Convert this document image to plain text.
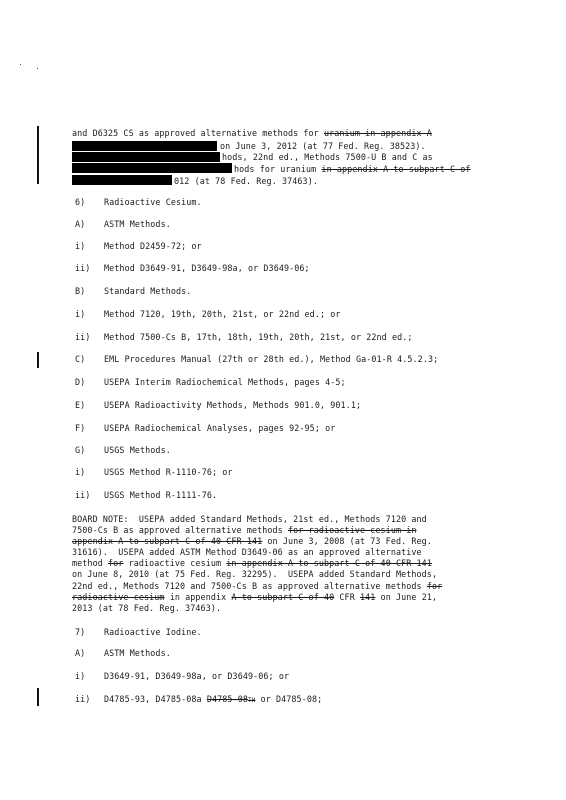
and D6325 CS as approved alternative methods for uranium in appendix A
on June 3, 2012 (at 77 Fed. Reg. 38523).
hods, 22nd ed., Methods 7500-U B and C as
hods for uranium in appendix A to subpart C of
012 (at 78 Fed. Reg. 37463).
6) Radioactive Cesium.
A) ASTM Methods.
i) Method D2459-72; or
ii) Method D3649-91, D3649-98a, or D3649-06;
B) Standard Methods.
i) Method 7120, 19th, 20th, 21st, or 22nd ed.; or
ii) Method 7500-Cs B, 17th, 18th, 19th, 20th, 21st, or 22nd ed.;
C) EML Procedures Manual (27th or 28th ed.), Method Ga-01-R 4.5.2.3;
D) USEPA Interim Radiochemical Methods, pages 4-5;
E) USEPA Radioactivity Methods, Methods 901.0, 901.1;
F) USEPA Radiochemical Analyses, pages 92-95; or
G) USGS Methods.
i) USGS Method R-1110-76; or
ii) USGS Method R-1111-76.
BOARD NOTE:  USEPA added Standard Methods, 21st ed., Methods 7120 and
7500-Cs B as approved alternative methods for radioactive cesium in
appendix A to subpart C of 40 CFR 141 on June 3, 2008 (at 73 Fed. Reg.
31616).  USEPA added ASTM Method D3649-06 as an approved alternative
method for radioactive cesium in appendix A to subpart C of 40 CFR 141
on June 8, 2010 (at 75 Fed. Reg. 32295).  USEPA added Standard Methods,
22nd ed., Methods 7120 and 7500-Cs B as approved alternative methods for
radioactive cesium in appendix A to subpart C of 40 CFR 141 on June 21,
2013 (at 78 Fed. Reg. 37463).
7) Radioactive Iodine.
A) ASTM Methods.
i) D3649-91, D3649-98a, or D3649-06; or
ii) D4785-93, D4785-08a D4785-08TH or D4785-08;
